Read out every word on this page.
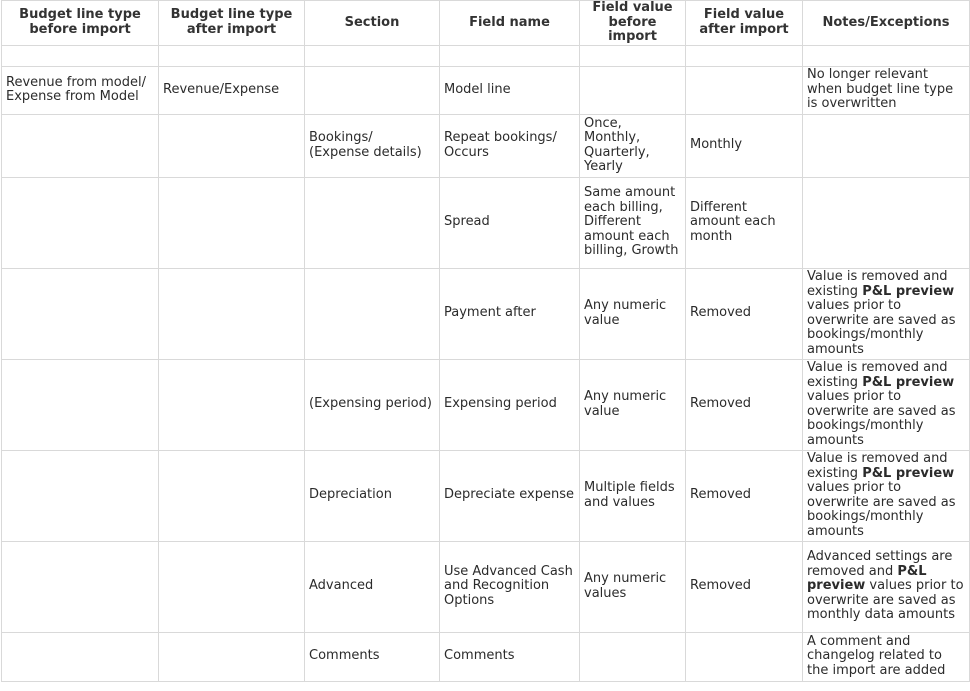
Budget line type before import	Budget line type after import	Section	Field name	Field value before import	Field value after import	Notes/Exceptions

Revenue from model/ Expense from Model	Revenue/Expense		Model line			No longer relevant when budget line type is overwritten
		Bookings/ (Expense details)	Repeat bookings/ Occurs	Once, Monthly, Quarterly, Yearly	Monthly	
			Spread	Same amount each billing, Different amount each billing, Growth	Different amount each month	
			Payment after	Any numeric value	Removed	Value is removed and existing P&L preview values prior to overwrite are saved as bookings/monthly amounts
		(Expensing period)	Expensing period	Any numeric value	Removed	Value is removed and existing P&L preview values prior to overwrite are saved as bookings/monthly amounts
		Depreciation	Depreciate expense	Multiple fields and values	Removed	Value is removed and existing P&L preview values prior to overwrite are saved as bookings/monthly amounts
		Advanced	Use Advanced Cash and Recognition Options	Any numeric values	Removed	Advanced settings are removed and P&L preview values prior to overwrite are saved as monthly data amounts
		Comments	Comments			A comment and changelog related to the import are added
